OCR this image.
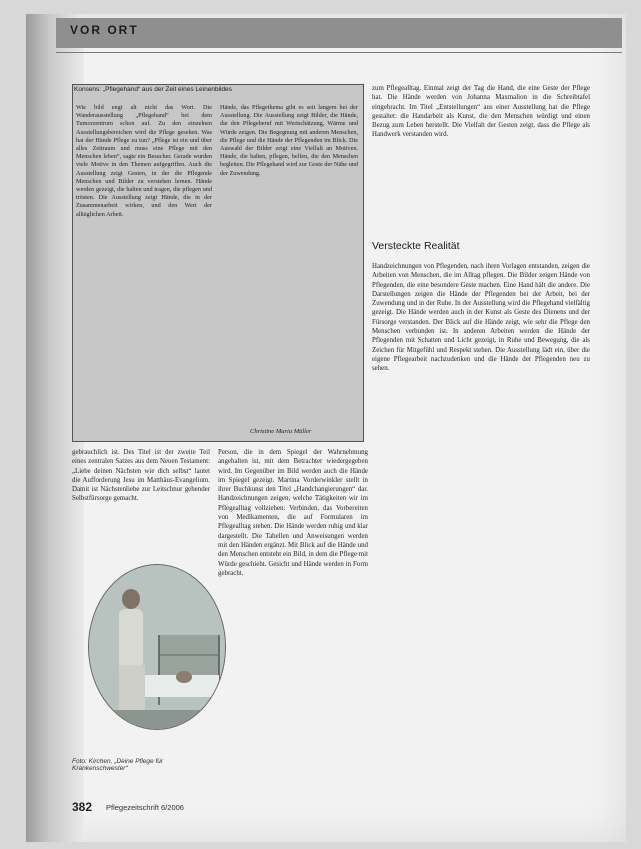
VOR ORT
Konsens: „Pflegehand“ aus der Zeit eines Leinenbildes
Wie bild engt alt nicht das Wort. Die Wanderausstellung „Pflegehand“ bei dem Tumorzentrum schon auf. Zu den einzelnen Ausstellungsbereichen wird die Pflege gesehen. Was hat der Hände Pflege zu tun? „Pflege ist ein und über alles Zeitraum und muss eine Pflege mit den Menschen leben“, sagte ein Besucher. Gerade wurden viele Motive in den Themen aufgegriffen. Auch die Ausstellung zeigt Gesten, in der die Pflegende Menschen und Bilder zu verstehen lernen. Hände werden gezeigt, die halten und tragen, die pflegen und trösten. Die Ausstellung zeigt Hände, die in der Zusammenarbeit wirken, und den Wert der alltäglichen Arbeit.
Hände, das Pflegethema gibt es seit langem bei der Ausstellung. Die Ausstellung zeigt Bilder, die Hände, die den Pflegeberuf mit Wertschätzung, Wärme und Würde zeigen. Die Begegnung mit anderen Menschen, die Pflege und die Hände der Pflegenden im Blick. Die Auswahl der Bilder zeigt eine Vielfalt an Motiven. Hände, die halten, pflegen, helfen, die den Menschen begleiten. Die Pflegehand wird zur Geste der Nähe und der Zuwendung.
Christine Maria Müller
gebrauchlich ist. Des Titel ist der zweite Teil eines zentralen Satzes aus dem Neuen Testament: „Liebe deinen Nächsten wie dich selbst“ lautet die Aufforderung Jesu im Matthäus-Evangelium. Damit ist Nächstenliebe zur Leitschnur gehender Selbstfürsorge gemacht.
Person, die in dem Spiegel der Wahrnehmung angehalten ist, mit dem Betrachter wiedergegeben wird. Im Gegenüber im Bild werden auch die Hände im Spiegel gezeigt. Martina Vorderwinkler stellt in ihrer Buchkunst den Titel „Handchangierungen“ dar. Handzeichnungen zeigen, welche Tätigkeiten wir im Pflegealltag vollziehen: Verbinden, das Vorbereiten von Medikamenten, die auf Formularen im Pflegealltag stehen. Die Hände werden ruhig und klar dargestellt. Die Tabellen und Anweisungen werden mit den Händen ergänzt. Mit Blick auf die Hände und den Menschen entsteht ein Bild, in dem die Pflege mit Würde geschieht. Gesicht und Hände werden in Form gebracht.
zum Pflegealltag. Einmal zeigt der Tag die Hand, die eine Geste der Pflege hat. Die Hände werden von Johanna Maxmalion in die Schreibtafel eingebracht. Im Titel „Entstellungen“ aus einer Ausstellung hat die Pflege gestaltet: die Handarbeit als Kunst, die den Menschen würdigt und einen Bezug zum Leben herstellt. Die Vielfalt der Gesten zeigt, dass die Pflege als Handwerk verstanden wird.
Versteckte Realität
Handzeichnungen von Pflegenden, nach ihren Vorlagen entstanden, zeigen die Arbeiten von Menschen, die im Alltag pflegen. Die Bilder zeigen Hände von Pflegenden, die eine besondere Geste machen. Eine Hand hält die andere. Die Darstellungen zeigen die Hände der Pflegenden bei der Arbeit, bei der Zuwendung und in der Ruhe. In der Ausstellung wird die Pflegehand vielfältig gezeigt. Die Hände werden auch in der Kunst als Geste des Dienens und der Fürsorge verstanden. Der Blick auf die Hände zeigt, wie sehr die Pflege den Menschen verbunden ist. In anderen Arbeiten werden die Hände der Pflegenden mit Schatten und Licht gezeigt, in Ruhe und Bewegung, die als Zeichen für Mitgefühl und Respekt stehen. Die Ausstellung lädt ein, über die eigene Pflegearbeit nachzudenken und die Hände der Pflegenden neu zu sehen.
Foto: Kirchen, „Deine Pflege für Krankenschwester“
382 Pflegezeitschrift 6/2006
